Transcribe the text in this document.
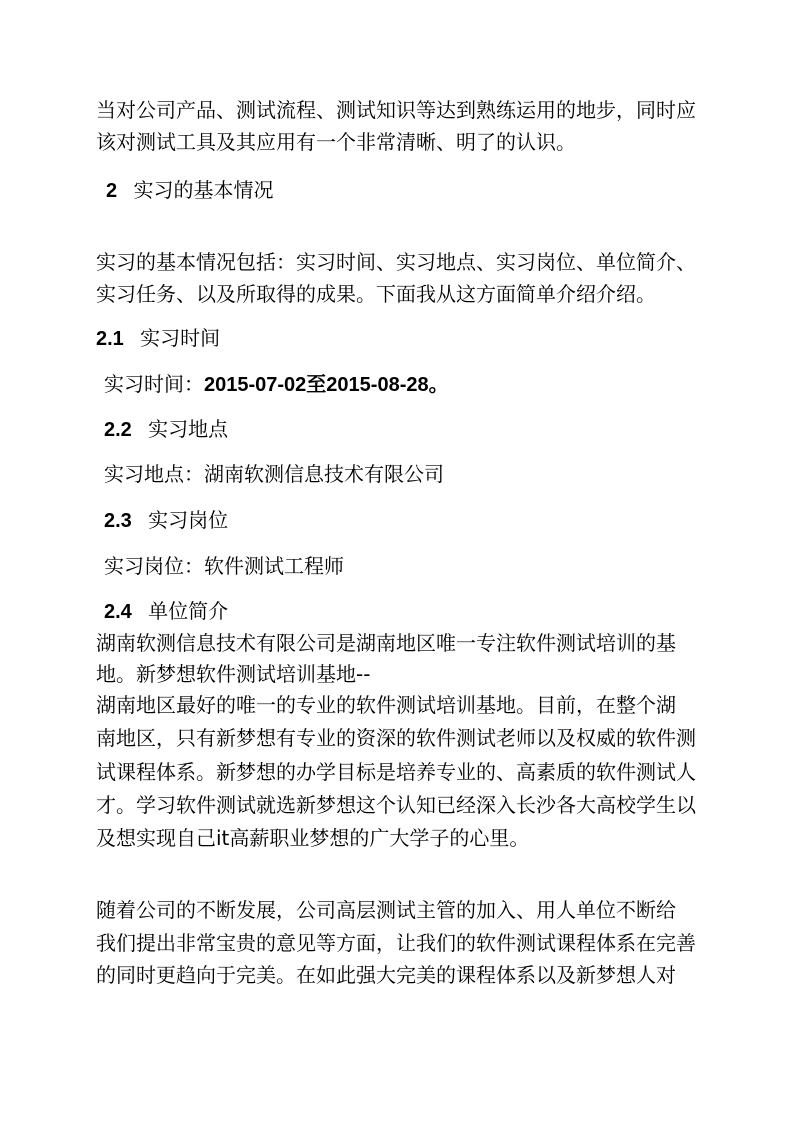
当对公司产品、测试流程、测试知识等达到熟练运用的地步，同时应
该对测试工具及其应用有一个非常清晰、明了的认识。
2 实习的基本情况
实习的基本情况包括：实习时间、实习地点、实习岗位、单位简介、
实习任务、以及所取得的成果。下面我从这方面简单介绍介绍。
2.1 实习时间
实习时间：2015-07-02至2015-08-28。
2.2 实习地点
实习地点：湖南软测信息技术有限公司
2.3 实习岗位
实习岗位：软件测试工程师
2.4 单位简介
湖南软测信息技术有限公司是湖南地区唯一专注软件测试培训的基
地。新梦想软件测试培训基地--
湖南地区最好的唯一的专业的软件测试培训基地。目前，在整个湖
南地区，只有新梦想有专业的资深的软件测试老师以及权威的软件测
试课程体系。新梦想的办学目标是培养专业的、高素质的软件测试人
才。学习软件测试就选新梦想这个认知已经深入长沙各大高校学生以
及想实现自己it高薪职业梦想的广大学子的心里。
随着公司的不断发展，公司高层测试主管的加入、用人单位不断给
我们提出非常宝贵的意见等方面，让我们的软件测试课程体系在完善
的同时更趋向于完美。在如此强大完美的课程体系以及新梦想人对
